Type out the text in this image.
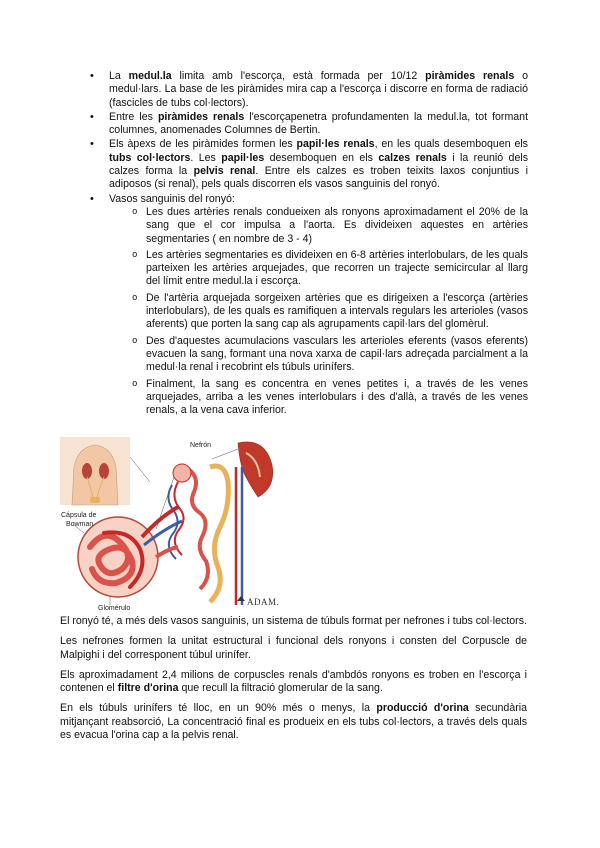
• La medul.la limita amb l'escorça, està formada per 10/12 piràmides renals o medul·lars. La base de les piràmides mira cap a l'escorça i discorre en forma de radiació (fascicles de tubs col·lectors).
• Entre les piràmides renals l'escorçapenetra profundamenten la medul.la, tot formant columnes, anomenades Columnes de Bertin.
• Els àpexs de les piràmides formen les papil·les renals, en les quals desemboquen els tubs col·lectors. Les papil·les desemboquen en els calzes renals i la reunió dels calzes forma la pelvis renal. Entre els calzes es troben teixits laxos conjuntius i adiposos (si renal), pels quals discorren els vasos sanguinis del ronyó.
• Vasos sanguinis del ronyó:
o Les dues artèries renals condueixen als ronyons aproximadament el 20% de la sang que el cor impulsa a l'aorta. Es divideixen aquestes en artèries segmentaries ( en nombre de 3 - 4)
o Les artèries segmentaries es divideixen en 6-8 artèries interlobulars, de les quals parteixen les artèries arquejades, que recorren un trajecte semicircular al llarg del límit entre medul.la i escorça.
o De l'artèria arquejada sorgeixen artèries que es dirigeixen a l'escorça (artèries interlobulars), de les quals es ramifiquen a intervals regulars les arterioles (vasos aferents) que porten la sang cap als agrupaments capil·lars del glomèrul.
o Des d'aquestes acumulacions vasculars les arterioles eferents (vasos eferents) evacuen la sang, formant una nova xarxa de capil·lars adreçada parcialment a la medul·la renal i recobrint els túbuls urinífers.
o Finalment, la sang es concentra en venes petites i, a través de les venes arquejades, arriba a les venes interlobulars i des d'allà, a través de les venes renals, a la vena cava inferior.
Nefrón
Cápsula de
Bowman
Glomérulo
ADAM.

El ronyó té, a més dels vasos sanguinis, un sistema de túbuls format per nefrones i tubs col·lectors.

Les nefrones formen la unitat estructural i funcional dels ronyons i consten del Corpuscle de Malpighi i del corresponent túbul urinífer.

Els aproximadament 2,4 milions de corpuscles renals d'ambdós ronyons es troben en l'escorça i contenen el filtre d'orina que recull la filtració glomerular de la sang.

En els túbuls urinífers té lloc, en un 90% més o menys, la producció d'orina secundària mitjançant reabsorció, La concentració final es produeix en els tubs col·lectors, a través dels quals es evacua l'orina cap a la pelvis renal.
